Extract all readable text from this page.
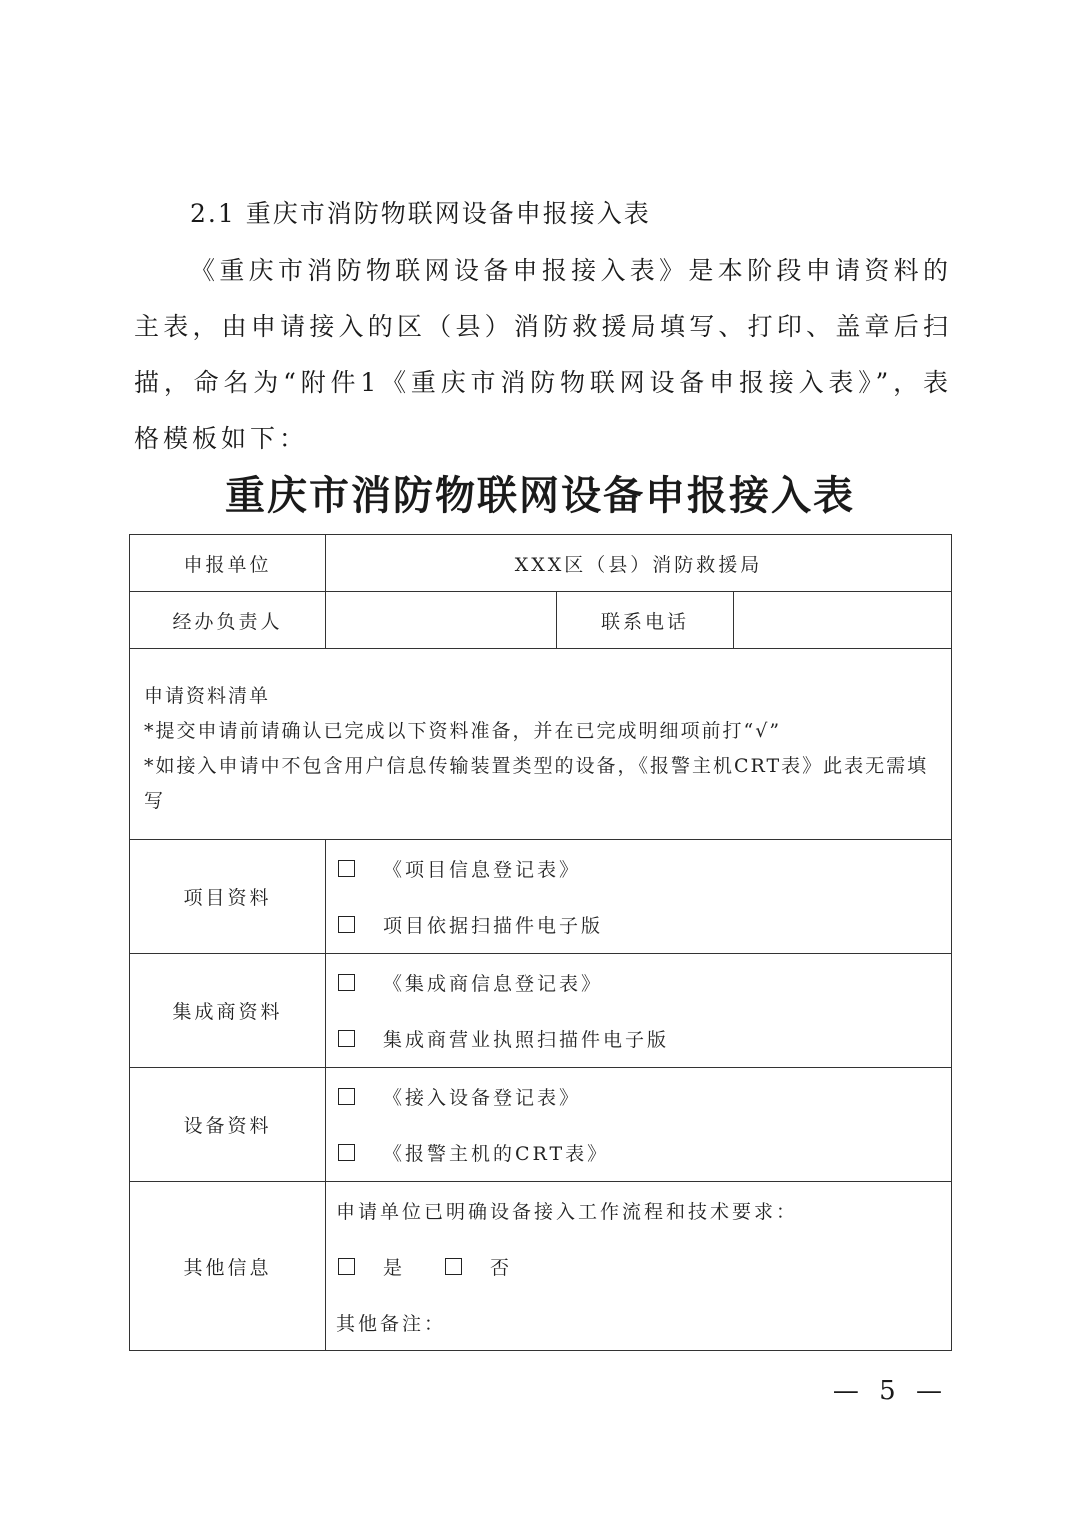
2.1 重庆市消防物联网设备申报接入表
《重庆市消防物联网设备申报接入表》是本阶段申请资料的主表，由申请接入的区（县）消防救援局填写、打印、盖章后扫描，命名为“附件1《重庆市消防物联网设备申报接入表》”，表格模板如下：
重庆市消防物联网设备申报接入表
申报单位	XXX区（县）消防救援局		
经办负责人		联系电话	

申请资料清单
*提交申请前请确认已完成以下资料准备，并在已完成明细项前打“√”
*如接入申请中不包含用户信息传输装置类型的设备，《报警主机CRT表》此表无需填写			

项目资料	《项目信息登记表》
项目依据扫描件电子版		

集成商资料	《集成商信息登记表》
集成商营业执照扫描件电子版		

设备资料	《接入设备登记表》
《报警主机的CRT表》		

其他信息	申请单位已明确设备接入工作流程和技术要求：
是 否
其他备注：		
— 5 —
